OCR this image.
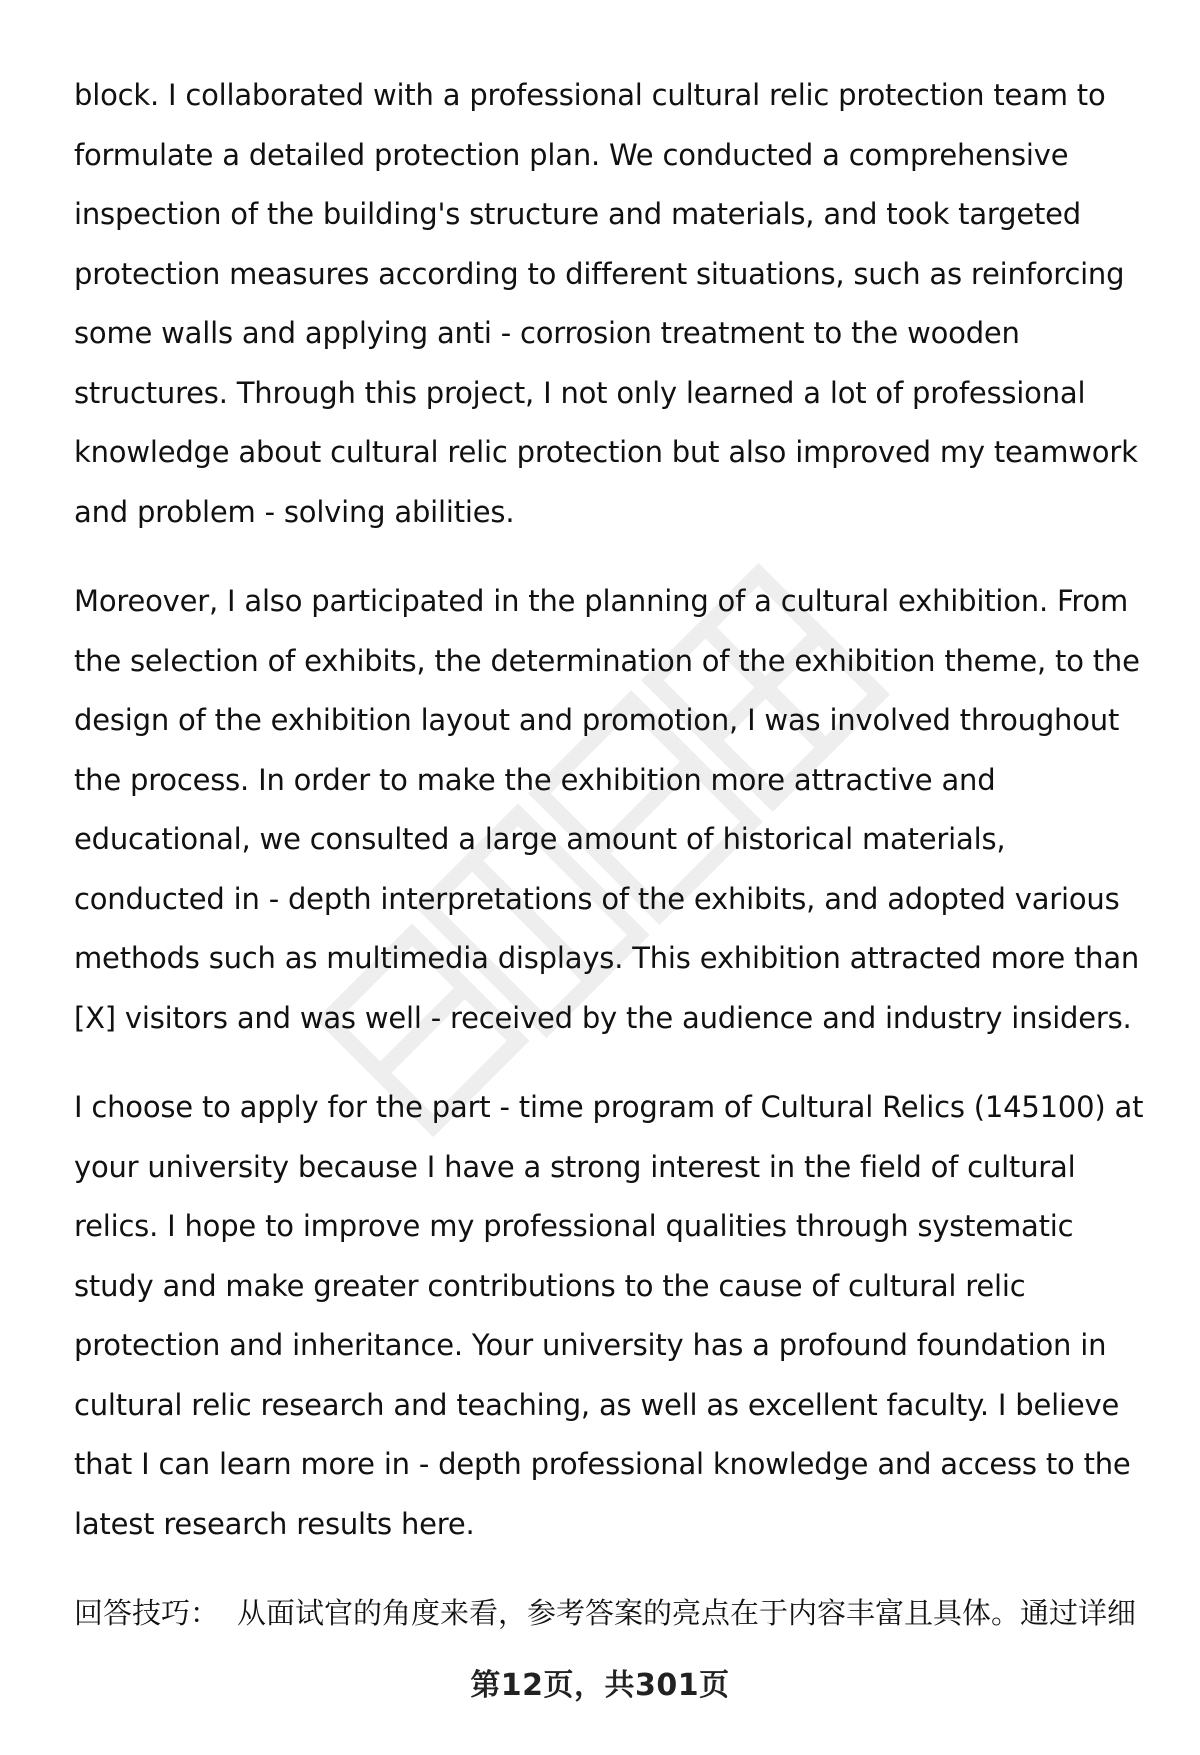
block. I collaborated with a professional cultural relic protection team to formulate a detailed protection plan. We conducted a comprehensive inspection of the building's structure and materials, and took targeted protection measures according to different situations, such as reinforcing some walls and applying anti - corrosion treatment to the wooden structures. Through this project, I not only learned a lot of professional knowledge about cultural relic protection but also improved my teamwork and problem - solving abilities.

Moreover, I also participated in the planning of a cultural exhibition. From the selection of exhibits, the determination of the exhibition theme, to the design of the exhibition layout and promotion, I was involved throughout the process. In order to make the exhibition more attractive and educational, we consulted a large amount of historical materials, conducted in - depth interpretations of the exhibits, and adopted various methods such as multimedia displays. This exhibition attracted more than [X] visitors and was well - received by the audience and industry insiders.

I choose to apply for the part - time program of Cultural Relics (145100) at your university because I have a strong interest in the field of cultural relics. I hope to improve my professional qualities through systematic study and make greater contributions to the cause of cultural relic protection and inheritance. Your university has a profound foundation in cultural relic research and teaching, as well as excellent faculty. I believe that I can learn more in - depth professional knowledge and access to the latest research results here.

回答技巧： 从面试官的角度来看，参考答案的亮点在于内容丰富且具体。通过详细

第12页，共301页
